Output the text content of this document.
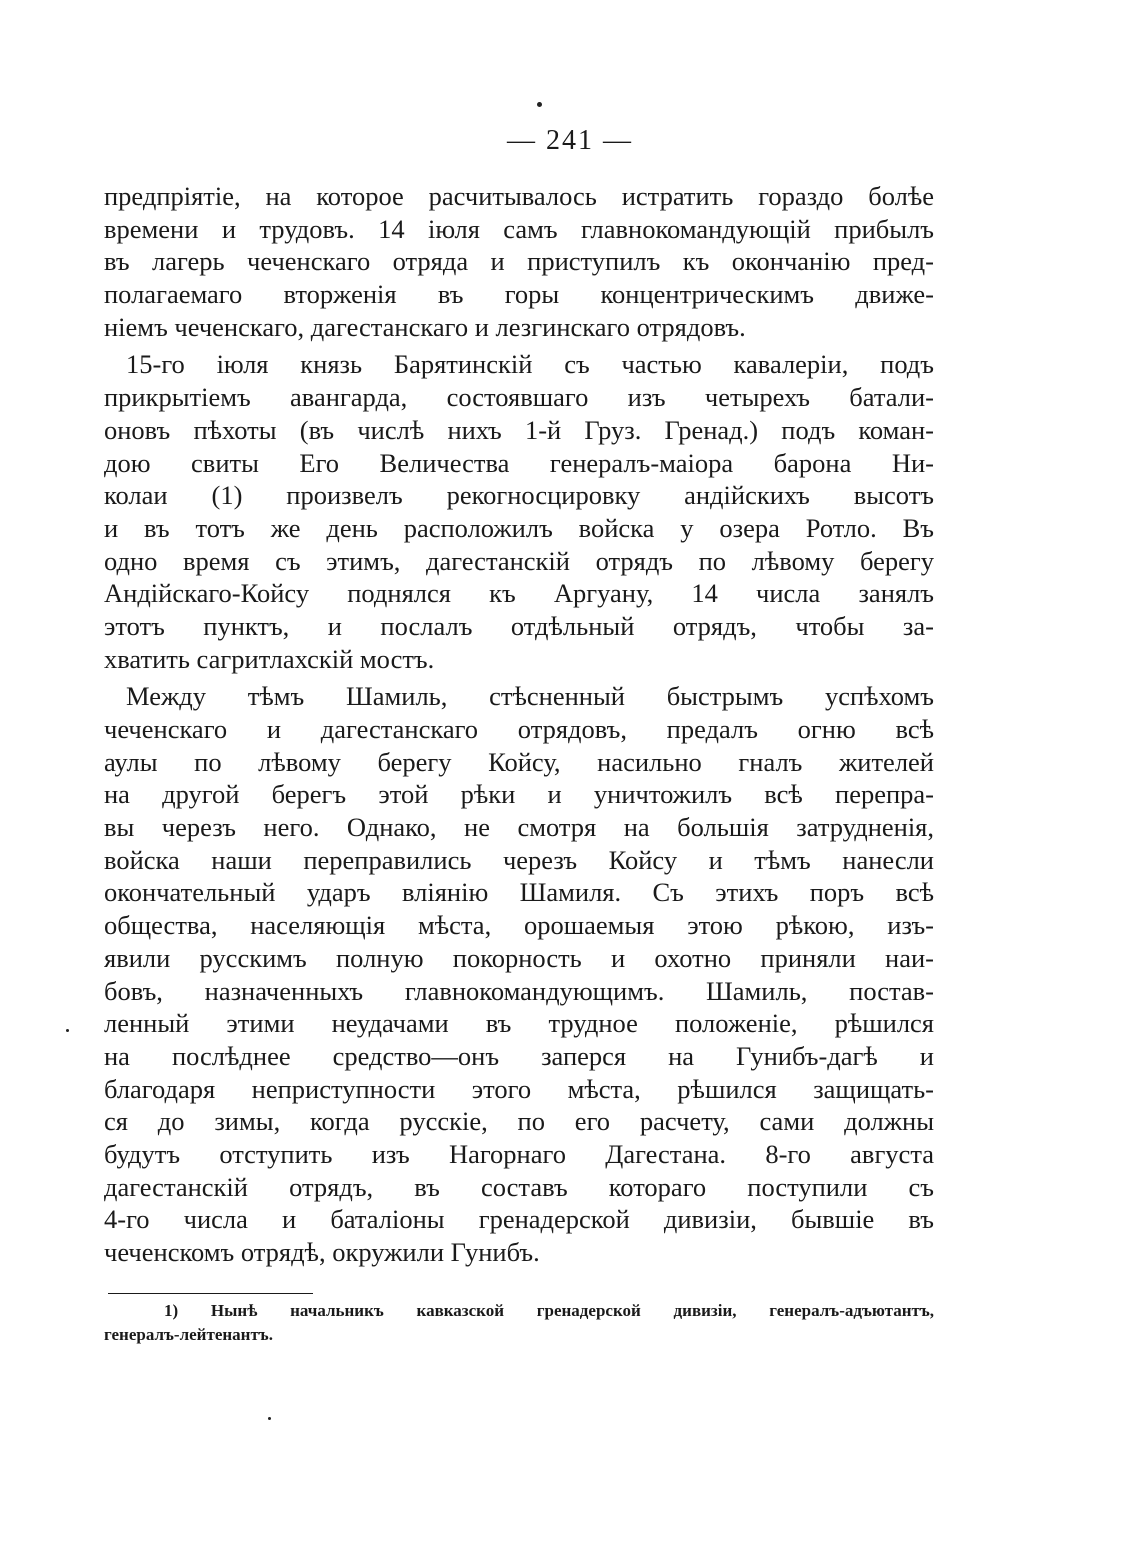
— 241 —
предпріятіе, на которое расчитывалось истратить гораздо болѣе
времени и трудовъ. 14 іюля самъ главнокомандующій прибылъ
въ лагерь чеченскаго отряда и приступилъ къ окончанію пред-
полагаемаго вторженія въ горы концентрическимъ движе-
ніемъ чеченскаго, дагестанскаго и лезгинскаго отрядовъ.
15-го іюля князь Барятинскій съ частью кавалеріи, подъ
прикрытіемъ авангарда, состоявшаго изъ четырехъ батали-
оновъ пѣхоты (въ числѣ нихъ 1-й Груз. Гренад.) подъ коман-
дою свиты Его Величества генералъ-маіора барона Ни-
колаи (1) произвелъ рекогносцировку андійскихъ высотъ
и въ тотъ же день расположилъ войска у озера Ротло. Въ
одно время съ этимъ, дагестанскій отрядъ по лѣвому берегу
Андійскаго-Койсу поднялся къ Аргуану, 14 числа занялъ
этотъ пунктъ, и послалъ отдѣльный отрядъ, чтобы за-
хватить сагритлахскій мостъ.
Между тѣмъ Шамиль, стѣсненный быстрымъ успѣхомъ
чеченскаго и дагестанскаго отрядовъ, предалъ огню всѣ
аулы по лѣвому берегу Койсу, насильно гналъ жителей
на другой берегъ этой рѣки и уничтожилъ всѣ перепра-
вы черезъ него. Однако, не смотря на большія затрудненія,
войска наши переправились черезъ Койсу и тѣмъ нанесли
окончательный ударъ вліянію Шамиля. Съ этихъ поръ всѣ
общества, населяющія мѣста, орошаемыя этою рѣкою, изъ-
явили русскимъ полную покорность и охотно приняли наи-
бовъ, назначенныхъ главнокомандующимъ. Шамиль, постав-
ленный этими неудачами въ трудное положеніе, рѣшился
на послѣднее средство—онъ заперся на Гунибъ-дагѣ и
благодаря неприступности этого мѣста, рѣшился защищать-
ся до зимы, когда русскіе, по его расчету, сами должны
будутъ отступить изъ Нагорнаго Дагестана. 8-го августа
дагестанскій отрядъ, въ составъ котораго поступили съ
4-го числа и баталіоны гренадерской дивизіи, бывшіе въ
чеченскомъ отрядѣ, окружили Гунибъ.
1) Нынѣ начальникъ кавказской гренадерской дивизіи, генералъ-адъютантъ,
генералъ-лейтенантъ.
